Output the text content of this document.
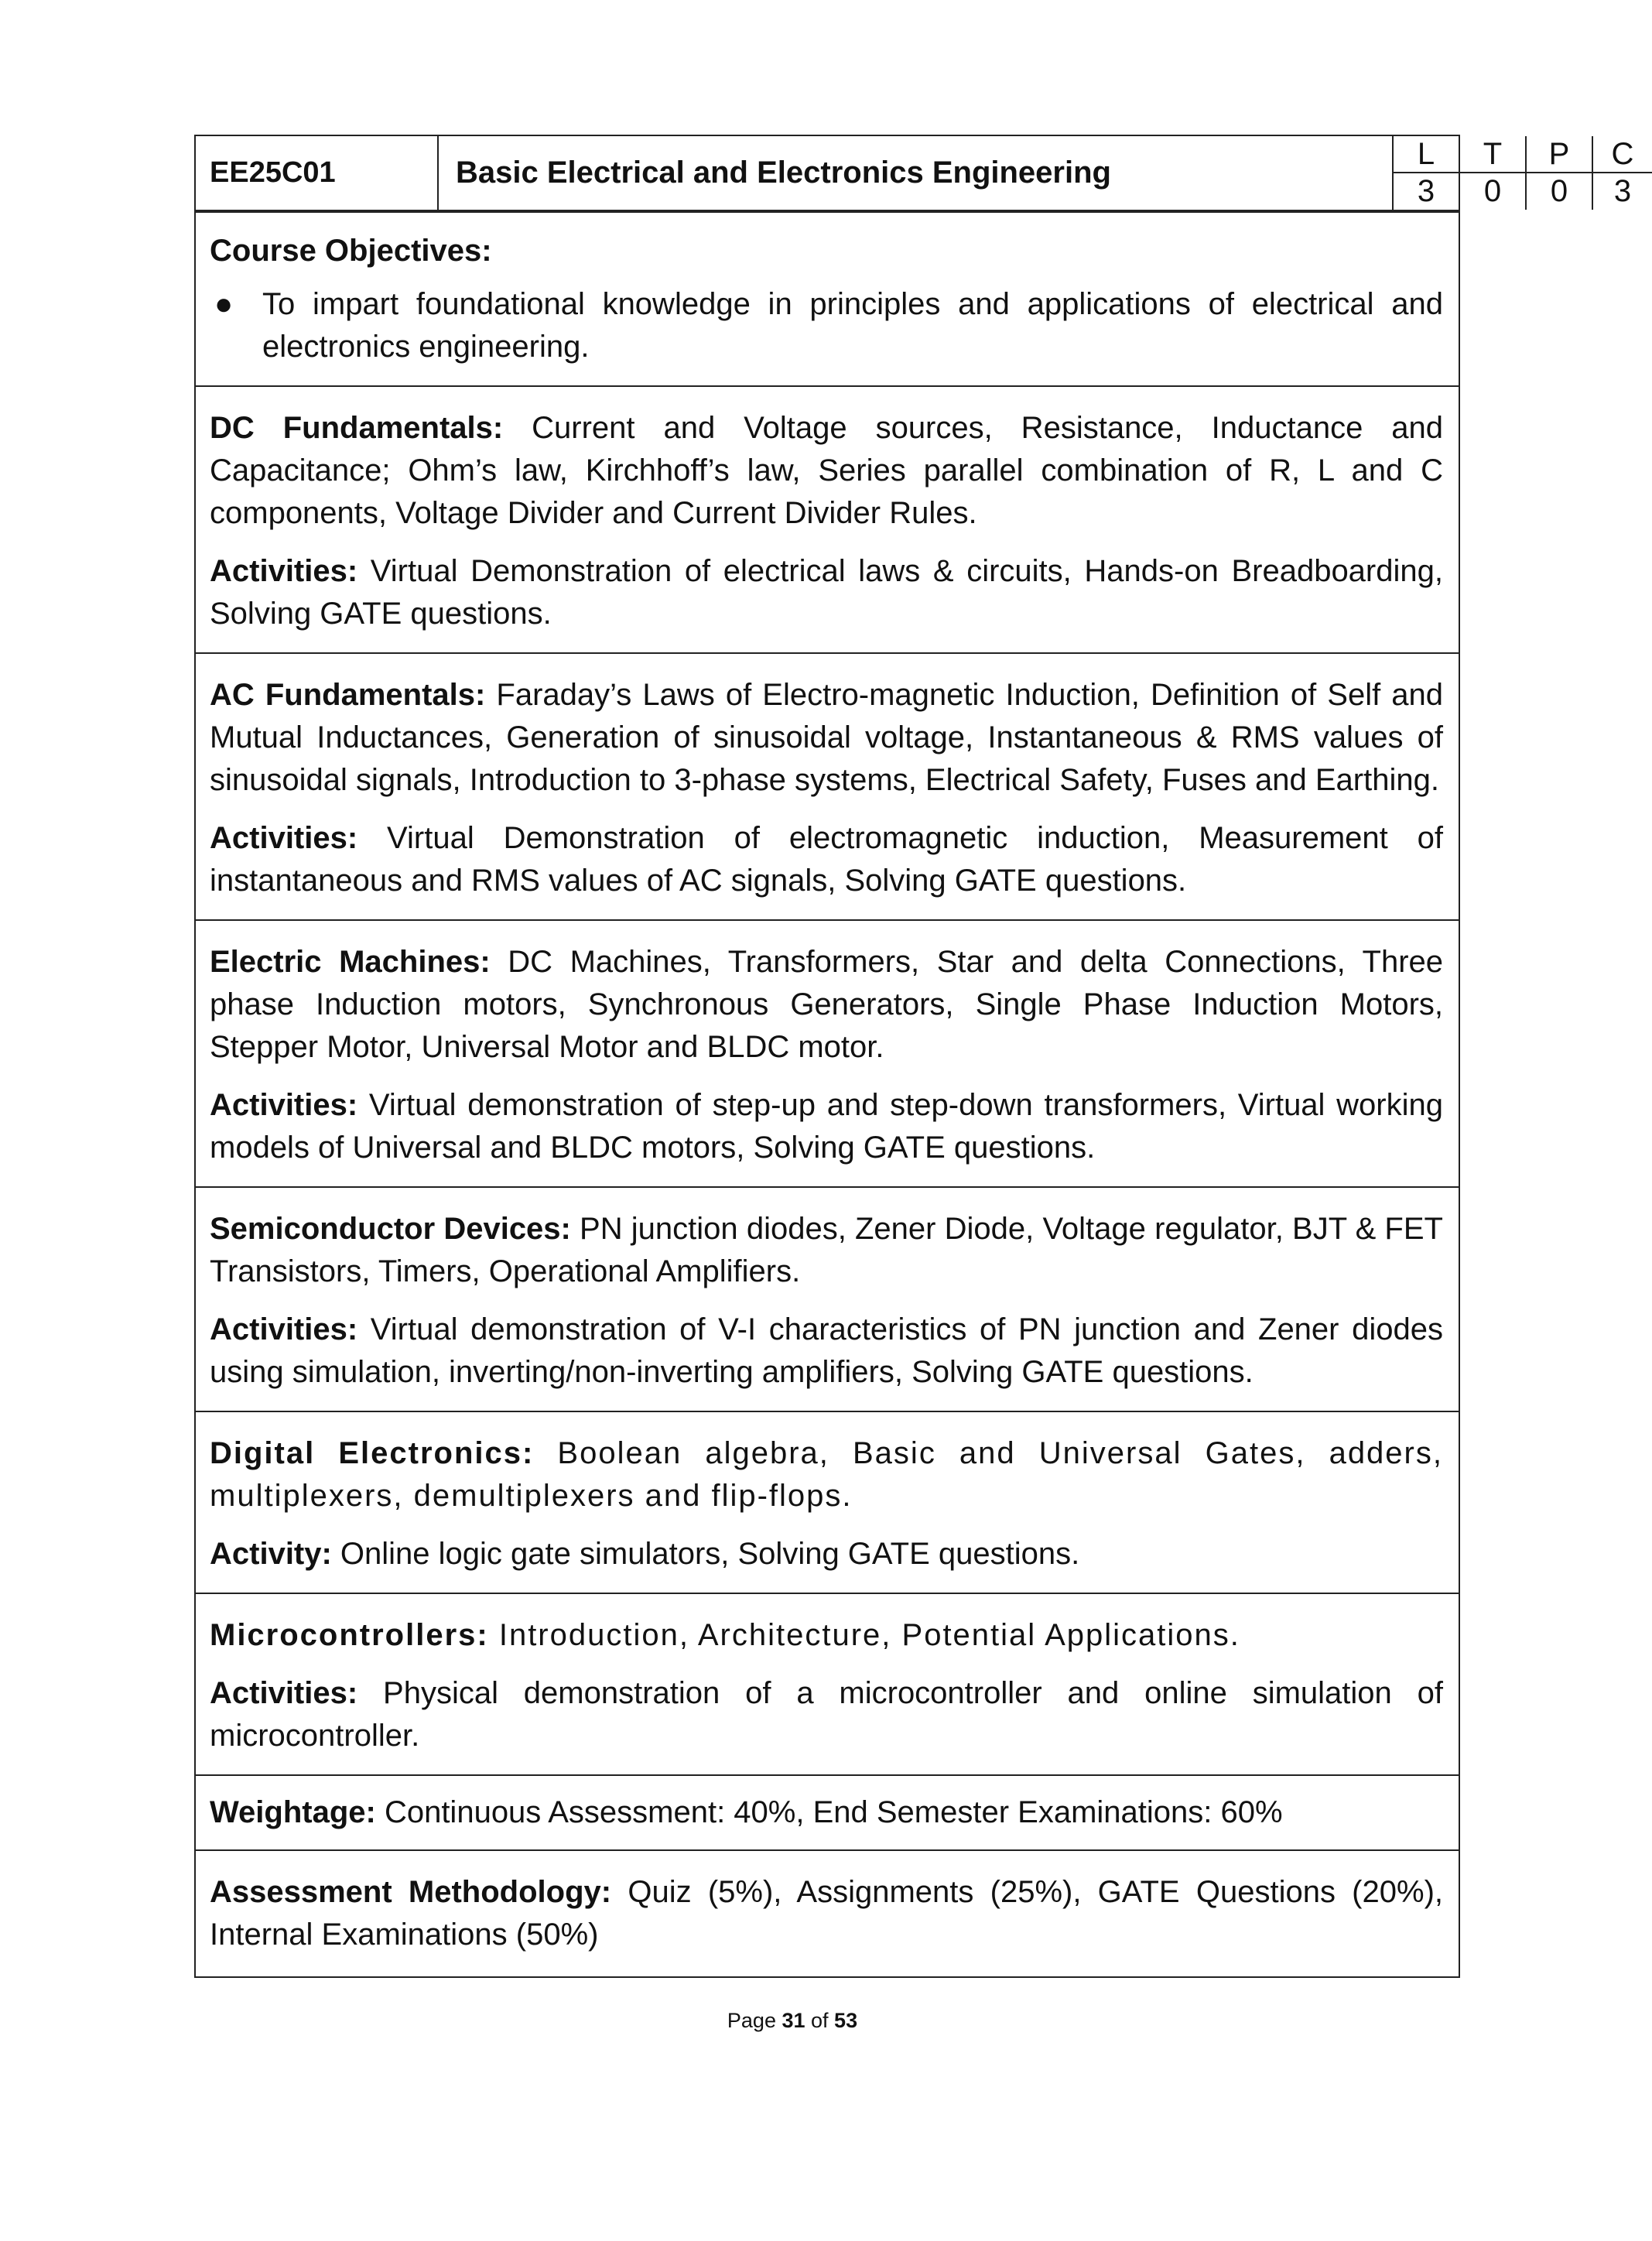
EE25C01	Basic Electrical and Electronics Engineering
L	T	P	C
3	0	0	3

Course Objectives:

● To impart foundational knowledge in principles and applications of electrical and electronics engineering.

DC Fundamentals: Current and Voltage sources, Resistance, Inductance and Capacitance; Ohm’s law, Kirchhoff’s law, Series parallel combination of R, L and C components, Voltage Divider and Current Divider Rules.

Activities: Virtual Demonstration of electrical laws & circuits, Hands-on Breadboarding, Solving GATE questions.

AC Fundamentals: Faraday’s Laws of Electro-magnetic Induction, Definition of Self and Mutual Inductances, Generation of sinusoidal voltage, Instantaneous & RMS values of sinusoidal signals, Introduction to 3-phase systems, Electrical Safety, Fuses and Earthing.

Activities: Virtual Demonstration of electromagnetic induction, Measurement of instantaneous and RMS values of AC signals, Solving GATE questions.

Electric Machines: DC Machines, Transformers, Star and delta Connections, Three phase Induction motors, Synchronous Generators, Single Phase Induction Motors, Stepper Motor, Universal Motor and BLDC motor.

Activities: Virtual demonstration of step-up and step-down transformers, Virtual working models of Universal and BLDC motors, Solving GATE questions.

Semiconductor Devices: PN junction diodes, Zener Diode, Voltage regulator, BJT & FET Transistors, Timers, Operational Amplifiers.

Activities: Virtual demonstration of V-I characteristics of PN junction and Zener diodes using simulation, inverting/non-inverting amplifiers, Solving GATE questions.

Digital Electronics: Boolean algebra, Basic and Universal Gates, adders, multiplexers, demultiplexers and flip-flops.

Activity: Online logic gate simulators, Solving GATE questions.

Microcontrollers: Introduction, Architecture, Potential Applications.

Activities: Physical demonstration of a microcontroller and online simulation of microcontroller.

Weightage: Continuous Assessment: 40%, End Semester Examinations: 60%

Assessment Methodology: Quiz (5%), Assignments (25%), GATE Questions (20%), Internal Examinations (50%)

Page 31 of 53
